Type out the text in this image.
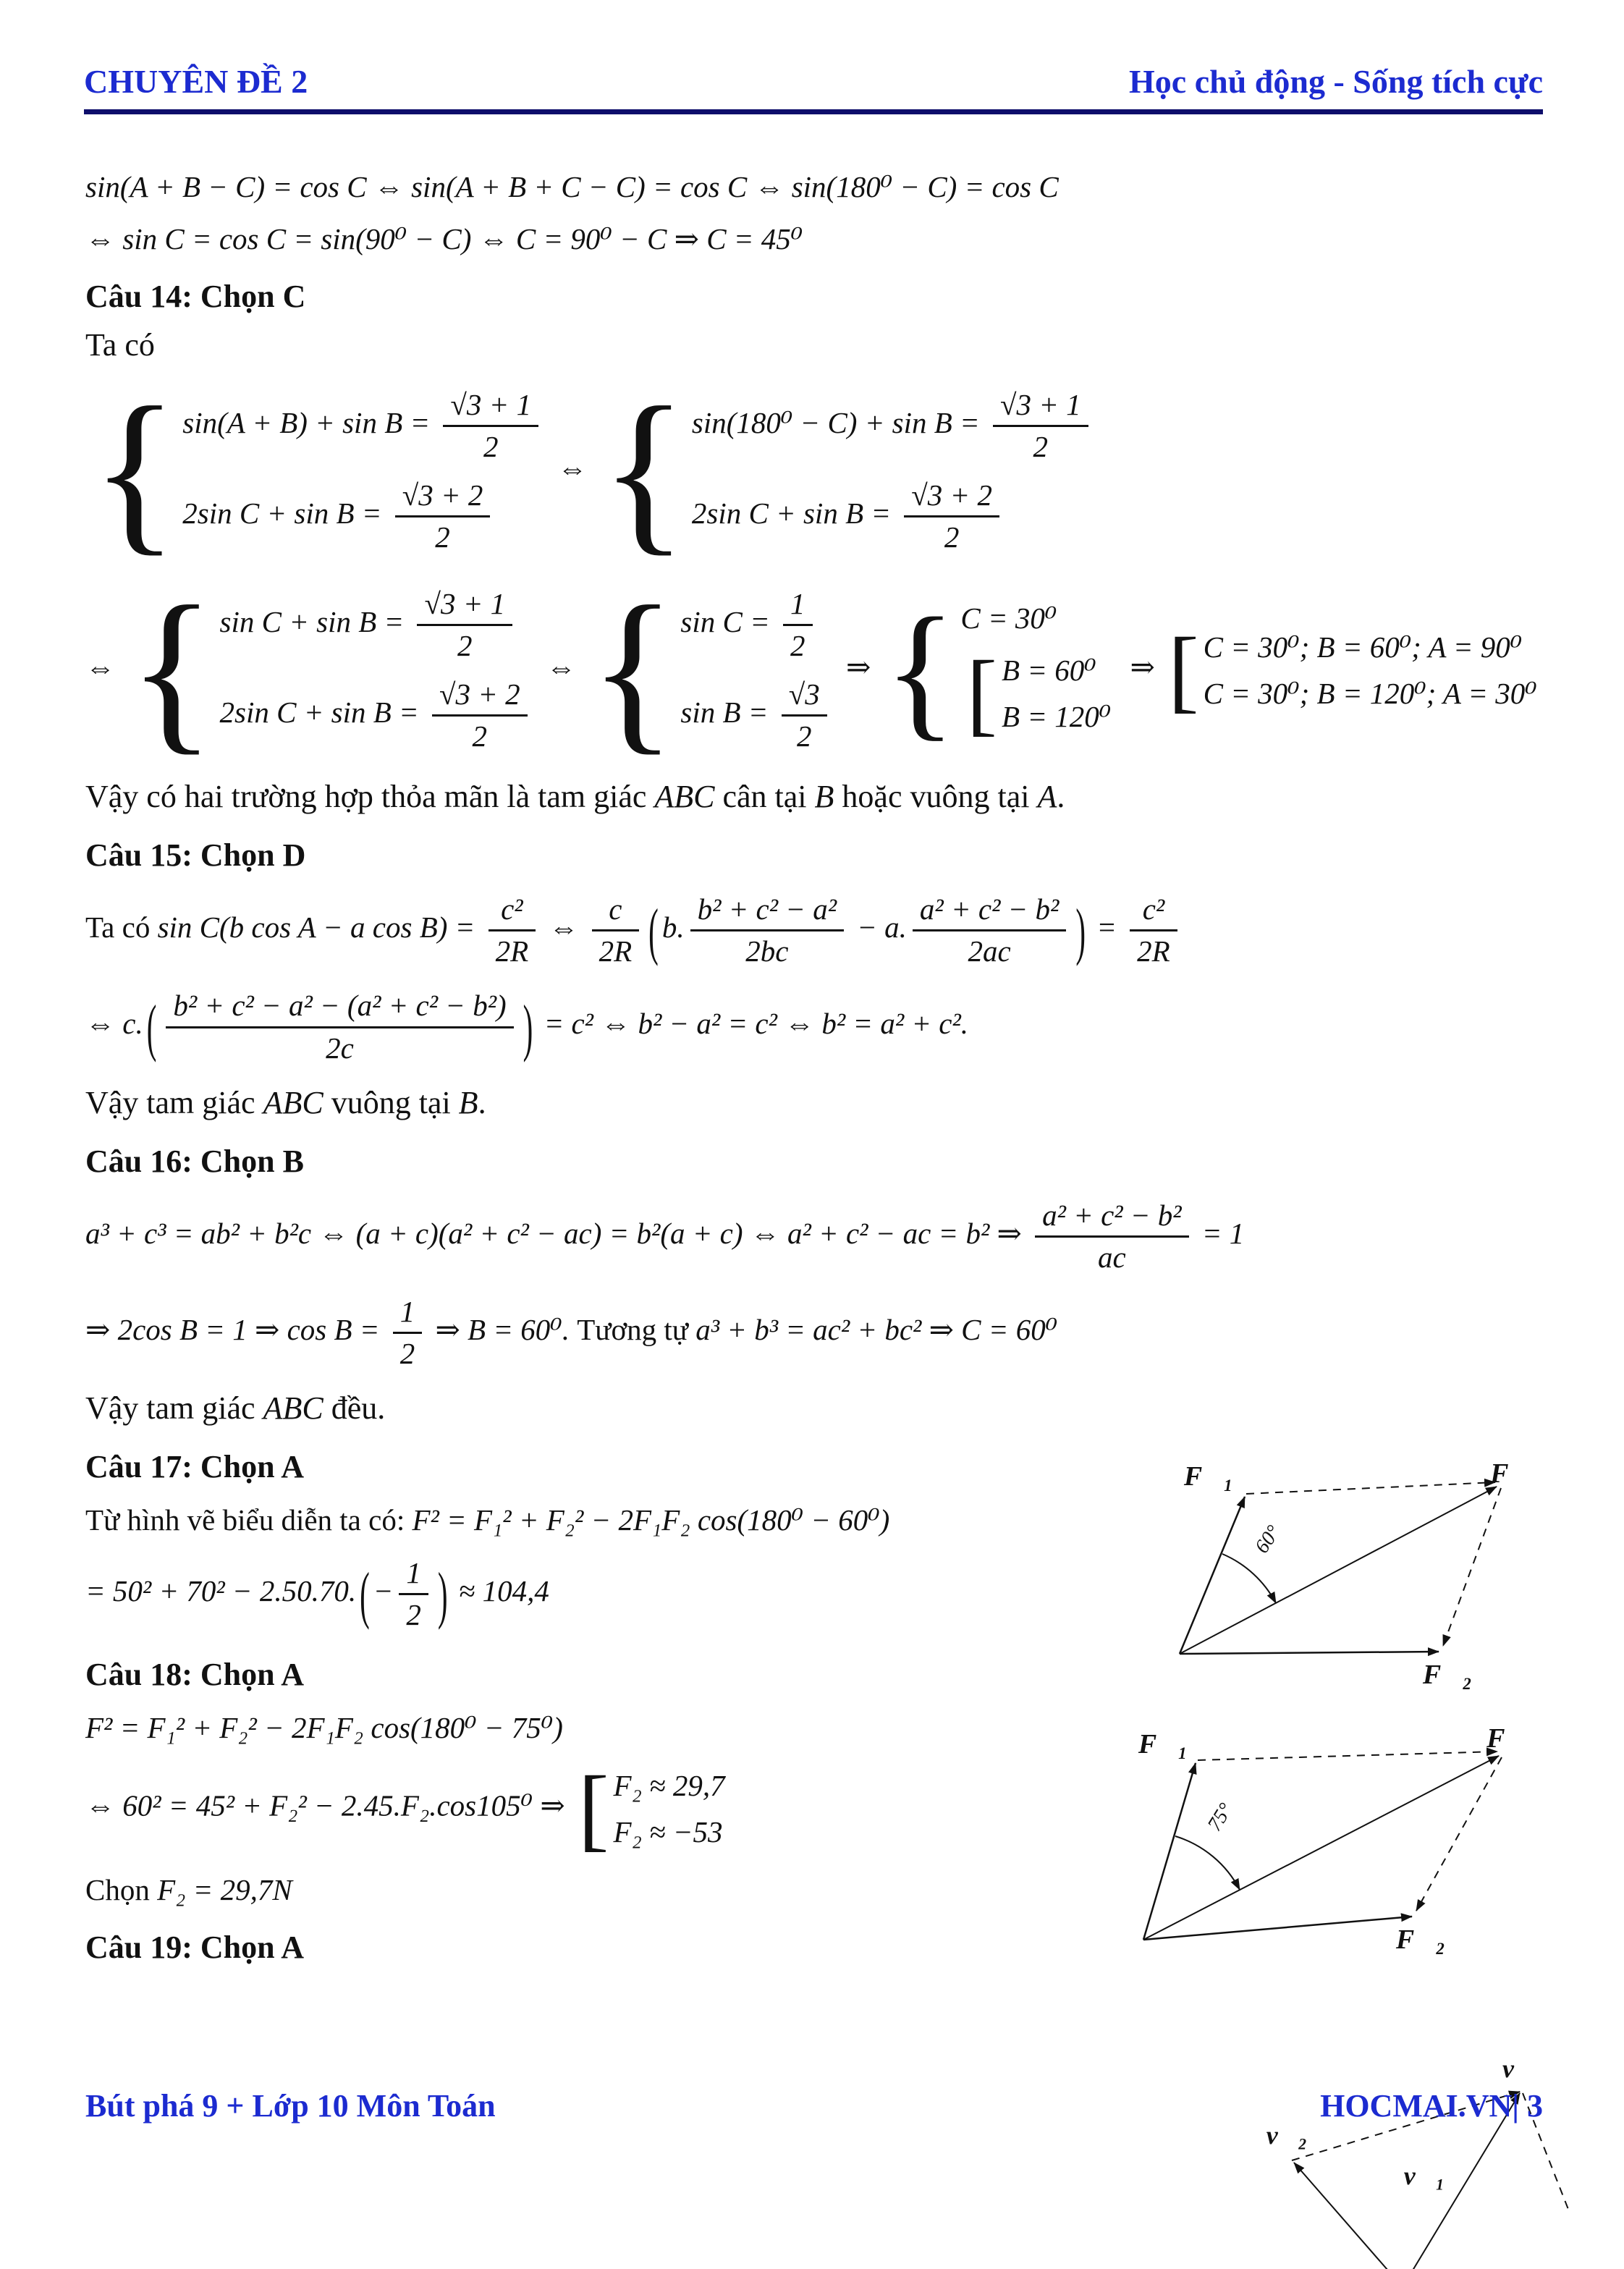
CHUYÊN ĐỀ 2	Học chủ động - Sống tích cực
sin(A + B − C) = cos C ⇔ sin(A + B + C − C) = cos C ⇔ sin(180⁰ − C) = cos C
⇔ sin C = cos C = sin(90⁰ − C) ⇔ C = 90⁰ − C ⇒ C = 45⁰
Câu 14: Chọn C
Ta có
{ $\sin(A + B) + \sin B = \frac{√3 + 1}{2}$
2sin $C + \sin B = \frac{√3 + 2}{2}$
⇔ { $\sin(180^0 - C) + \sin B = \frac{√3 + 1}{2}$
2sin $C + \sin B = \frac{√3 + 2}{2}$
⇔ { $\sin C + \sin B = \frac{√3 + 1}{2}$
2sin $C + \sin B = \frac{√3 + 2}{2}$
⇔ { $\sin C = \frac{1}{2}$
$\sin B = \frac{√3}{2}$
⇒ { C = 30⁰
[ B = 60⁰
B = 120⁰
⇒ [ C = 30⁰; B = 60⁰; A = 90⁰
C = 30⁰; B = 120⁰; A = 30⁰
Vậy có hai trường hợp thỏa mãn là tam giác ABC cân tại B hoặc vuông tại A.
Câu 15: Chọn D
Ta có sin C(b cos A − a $\cos B) = \frac{\text{c²}}{2R}$ ⇔ $\frac{c}{2R}$ ( b. $\frac{\text{b² + c² − a²}}{2bc} - a$. $\frac{\text{a² + c² − b²}}{2ac}$ ) = $\frac{\text{c²}}{2R}$
⇔ c. ( $\frac{\text{b² + c² − a² − (a² + c² − b²)}}{2c}$ ) = c² ⇔ b² − a² = c² ⇔ b² = a² + c².
Vậy tam giác ABC vuông tại B.
Câu 16: Chọn B
a³ + c³ = ab² + b²c ⇔ (a + c)(a² + c² − ac) = b²(a + c) ⇔ a² + c² − ac = b² ⇒ $\frac{\text{a² + c² − b²}}{ac} = 1$
⇒ 2cos B = 1 ⇒ $\cos B = \frac{1}{2}$ ⇒ B = 60⁰. Tương tự a³ + b³ = ac² + bc² ⇒ C = 60⁰
Vậy tam giác ABC đều.
Câu 17: Chọn A
Từ hình vẽ biểu diễn ta có: F² = F₁² + F₂² − 2F₁F₂ cos(180⁰ − 60⁰)
= 50² + 70² − 2.50.70. ( − $\frac{1}{2}$ ) ≈ 104,4
Câu 18: Chọn A
F² = F₁² + F₂² − 2F₁F₂ cos(180⁰ − 75⁰)
⇔ 60² = 45² + F₂² − 2.45.F₂.cos105⁰ ⇒ [ F₂ ≈ 29,7
F₂ ≈ −53
Chọn F₂ = 29,7N
Câu 19: Chọn A
F⃗₁	F⃗
F⃗₂
60°
F⃗₁	F⃗
F⃗₂
75°
v⃗
v⃗₂
v⃗₁
Bút phá 9 + Lớp 10 Môn Toán	HOCMAI.VN| 3
